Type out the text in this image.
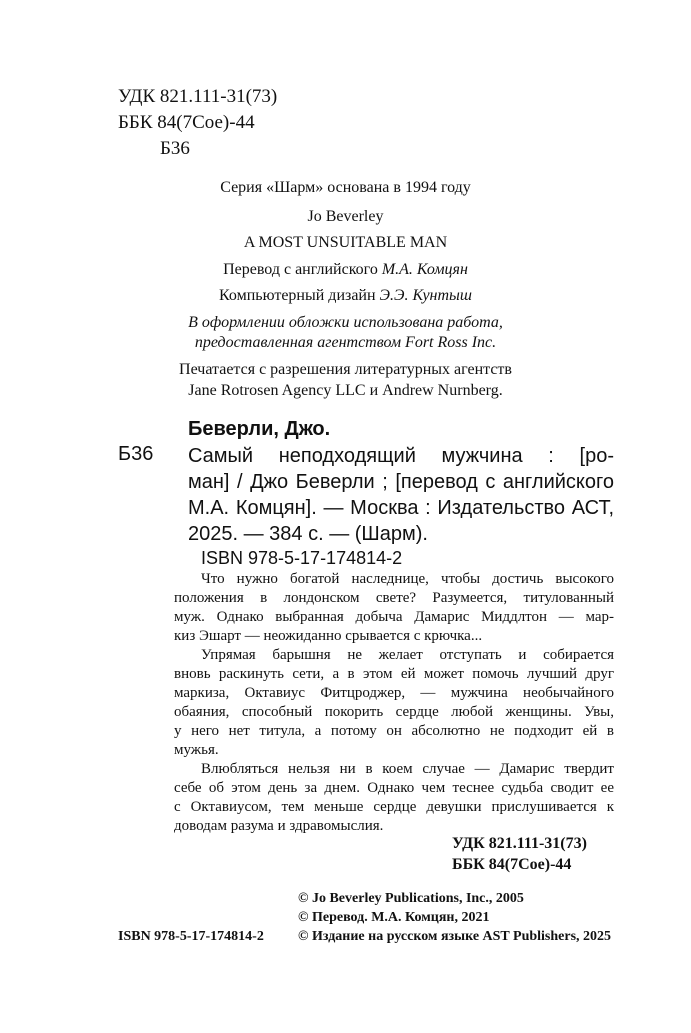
УДК 821.111-31(73)
ББК 84(7Сое)-44
Б36
Серия «Шарм» основана в 1994 году
Jo Beverley
A MOST UNSUITABLE MAN
Перевод с английского М.А. Комцян
Компьютерный дизайн Э.Э. Кунтыш
В оформлении обложки использована работа,
предоставленная агентством Fort Ross Inc.
Печатается с разрешения литературных агентств
Jane Rotrosen Agency LLC и Andrew Nurnberg.
Беверли, Джо.
Б36 Самый неподходящий мужчина : [ро-
ман] / Джо Беверли ; [перевод с английского
М.А. Комцян]. — Москва : Издательство АСТ,
2025. — 384 с. — (Шарм).
ISBN 978-5-17-174814-2
Что нужно богатой наследнице, чтобы достичь высокого
положения в лондонском свете? Разумеется, титулованный
муж. Однако выбранная добыча Дамарис Миддлтон — мар-
киз Эшарт — неожиданно срывается с крючка...
Упрямая барышня не желает отступать и собирается
вновь раскинуть сети, а в этом ей может помочь лучший друг
маркиза, Октавиус Фитцроджер, — мужчина необычайного
обаяния, способный покорить сердце любой женщины. Увы,
у него нет титула, а потому он абсолютно не подходит ей в
мужья.
Влюбляться нельзя ни в коем случае — Дамарис твердит
себе об этом день за днем. Однако чем теснее судьба сводит ее
с Октавиусом, тем меньше сердце девушки прислушивается к
доводам разума и здравомыслия.
УДК 821.111-31(73)
ББК 84(7Сое)-44
© Jo Beverley Publications, Inc., 2005
© Перевод. М.А. Комцян, 2021
© Издание на русском языке AST Publishers, 2025
ISBN 978-5-17-174814-2
